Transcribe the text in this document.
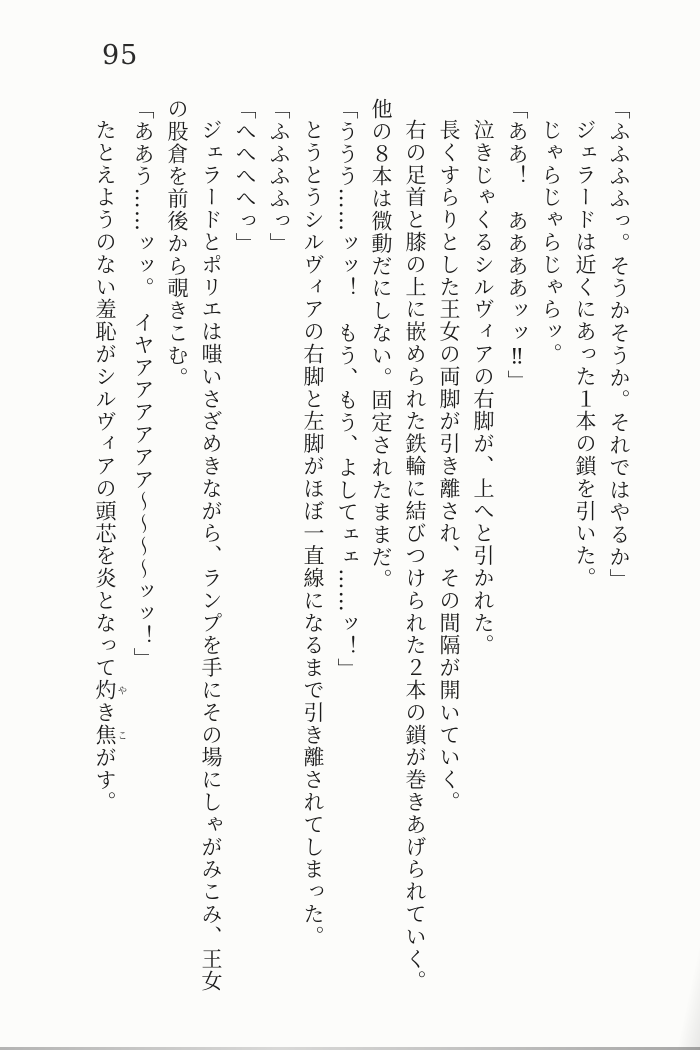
95

「ふふふふっ。そうかそうか。それではやるか」

ジェラードは近くにあった１本の鎖を引いた。

じゃらじゃらじゃらッ。

「ああ！　ああああッッ‼」

泣きじゃくるシルヴィアの右脚が、上へと引かれた。

長くすらりとした王女の両脚が引き離され、その間隔が開いていく。

右の足首と膝の上に嵌められた鉄輪に結びつけられた２本の鎖が巻きあげられていく。他の８本は微動だにしない。固定されたままだ。

「ううう……ッッ！　もう、もう、よしてェェ……ッ！」

とうとうシルヴィアの右脚と左脚がほぼ一直線になるまで引き離されてしまった。

「ふふふふっ」

「へへへへっ」

ジェラードとポリエは嗤いさざめきながら、ランプを手にその場にしゃがみこみ、王女の股倉を前後から覗きこむ。

「ああう……ッッ。　イヤアアアアアア～～～～ッッ！」

たとえようのない羞恥がシルヴィアの頭芯を炎となって灼やき焦こがす。
